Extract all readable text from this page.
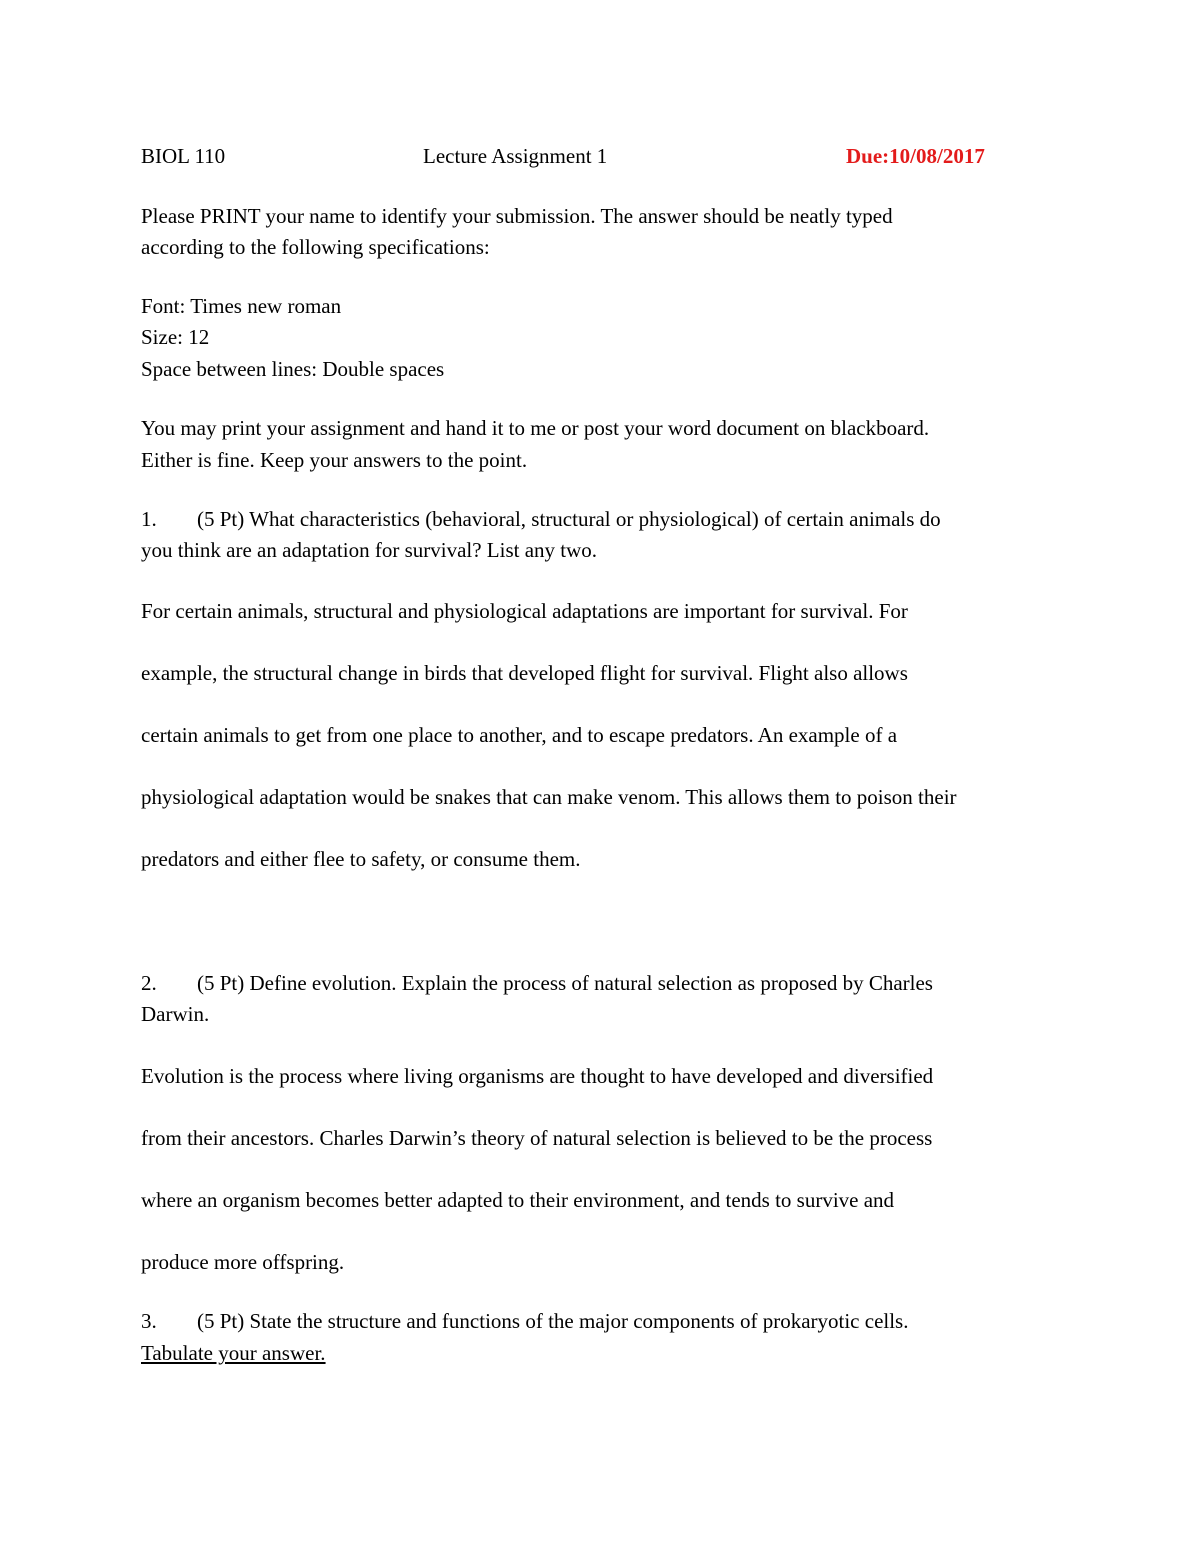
BIOL 110	Lecture Assignment 1	Due:10/08/2017

Please PRINT your name to identify your submission. The answer should be neatly typed

according to the following specifications:

Font: Times new roman

Size: 12

Space between lines: Double spaces

You may print your assignment and hand it to me or post your word document on blackboard.

Either is fine. Keep your answers to the point.

1. (5 Pt) What characteristics (behavioral, structural or physiological) of certain animals do

you think are an adaptation for survival? List any two.

For certain animals, structural and physiological adaptations are important for survival. For

example, the structural change in birds that developed flight for survival. Flight also allows

certain animals to get from one place to another, and to escape predators. An example of a

physiological adaptation would be snakes that can make venom. This allows them to poison their

predators and either flee to safety, or consume them.

2. (5 Pt) Define evolution. Explain the process of natural selection as proposed by Charles

Darwin.

Evolution is the process where living organisms are thought to have developed and diversified

from their ancestors. Charles Darwin’s theory of natural selection is believed to be the process

where an organism becomes better adapted to their environment, and tends to survive and

produce more offspring.

3. (5 Pt) State the structure and functions of the major components of prokaryotic cells.

Tabulate your answer.
